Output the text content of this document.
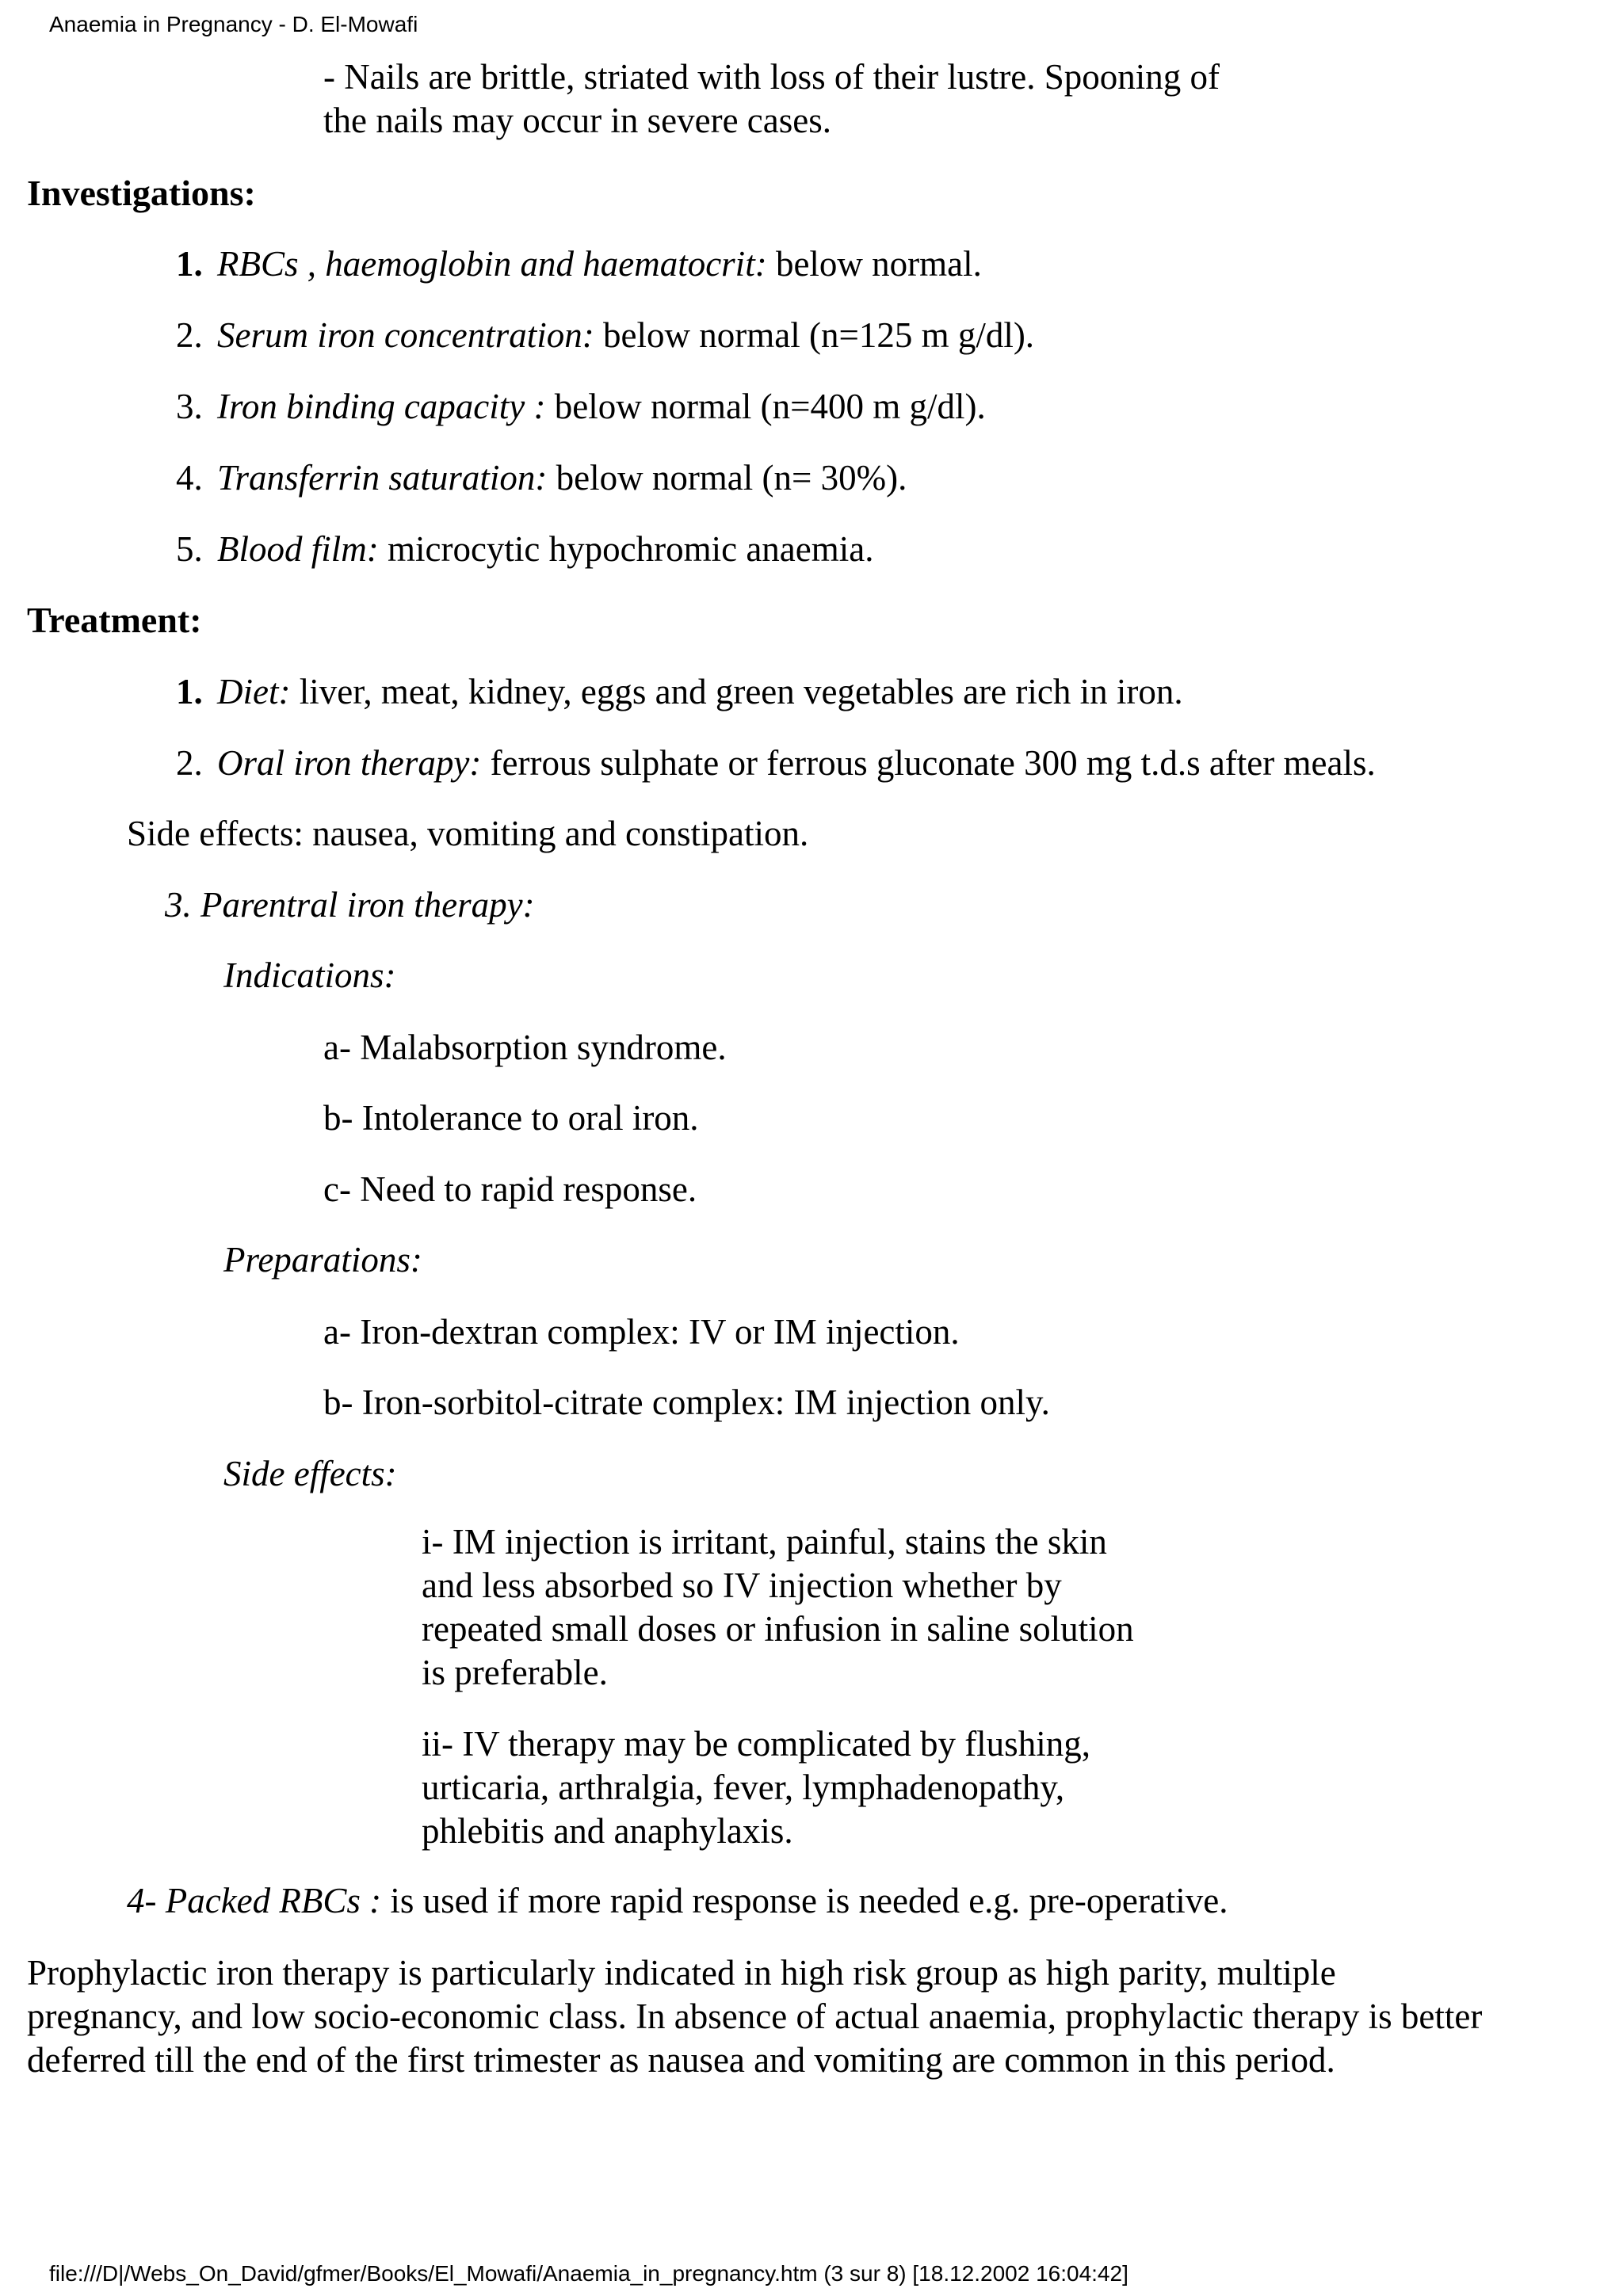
Anaemia in Pregnancy - D. El-Mowafi
- Nails are brittle, striated with loss of their lustre. Spooning of
the nails may occur in severe cases.
Investigations:
1. RBCs , haemoglobin and haematocrit: below normal.
2. Serum iron concentration: below normal (n=125 m g/dl).
3. Iron binding capacity : below normal (n=400 m g/dl).
4. Transferrin saturation: below normal (n= 30%).
5. Blood film: microcytic hypochromic anaemia.
Treatment:
1. Diet: liver, meat, kidney, eggs and green vegetables are rich in iron.
2. Oral iron therapy: ferrous sulphate or ferrous gluconate 300 mg t.d.s after meals.
Side effects: nausea, vomiting and constipation.
3. Parentral iron therapy:
Indications:
a- Malabsorption syndrome.
b- Intolerance to oral iron.
c- Need to rapid response.
Preparations:
a- Iron-dextran complex: IV or IM injection.
b- Iron-sorbitol-citrate complex: IM injection only.
Side effects:
i- IM injection is irritant, painful, stains the skin
and less absorbed so IV injection whether by
repeated small doses or infusion in saline solution
is preferable.
ii- IV therapy may be complicated by flushing,
urticaria, arthralgia, fever, lymphadenopathy,
phlebitis and anaphylaxis.
4- Packed RBCs : is used if more rapid response is needed e.g. pre-operative.
Prophylactic iron therapy is particularly indicated in high risk group as high parity, multiple
pregnancy, and low socio-economic class. In absence of actual anaemia, prophylactic therapy is better
deferred till the end of the first trimester as nausea and vomiting are common in this period.
file:///D|/Webs_On_David/gfmer/Books/El_Mowafi/Anaemia_in_pregnancy.htm (3 sur 8) [18.12.2002 16:04:42]
